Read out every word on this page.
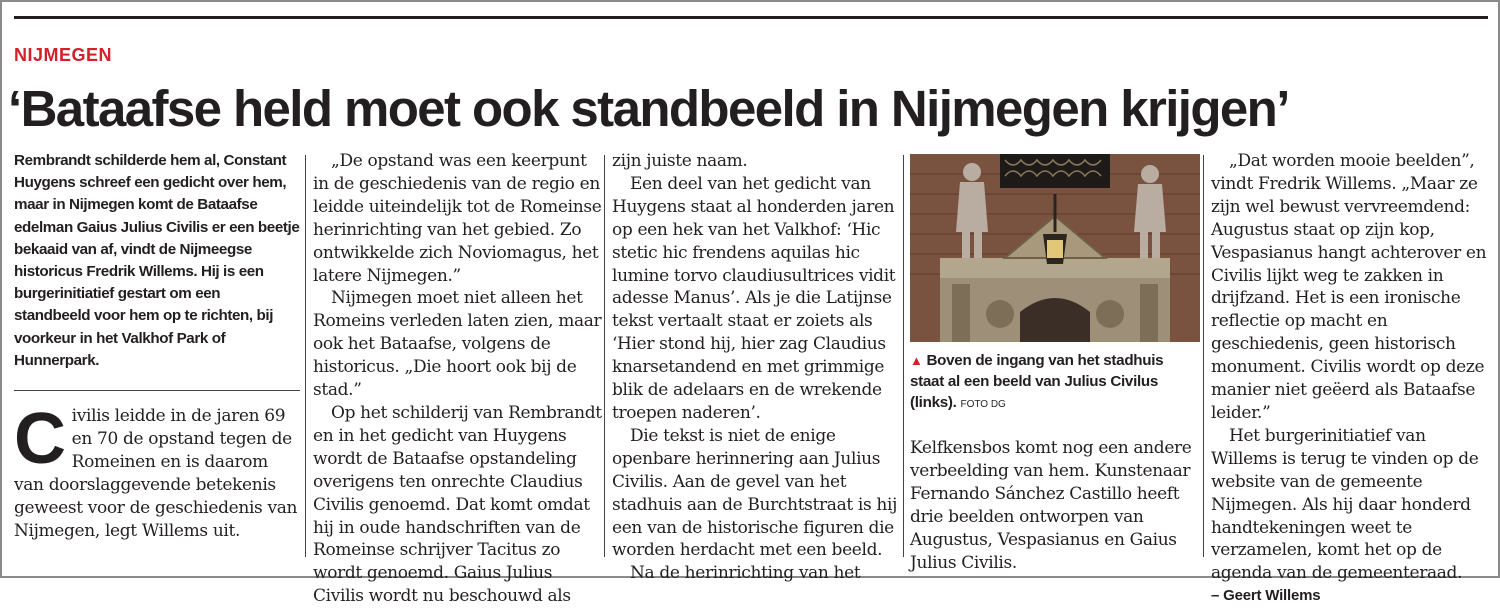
NIJMEGEN
‘Bataafse held moet ook standbeeld in Nijmegen krijgen’

Rembrandt schilderde hem al, Constant Huygens schreef een gedicht over hem, maar in Nijmegen komt de Bataafse edelman Gaius Julius Civilis er een beetje bekaaid van af, vindt de Nijmeegse historicus Fredrik Willems. Hij is een burgerinitiatief gestart om een standbeeld voor hem op te richten, bij voorkeur in het Valkhof Park of Hunnerpark.

C ivilis leidde in de jaren 69 en 70 de opstand tegen de Romeinen en is daarom van doorslaggevende betekenis geweest voor de geschiedenis van Nijmegen, legt Willems uit.

„De opstand was een keerpunt in de geschiedenis van de regio en leidde uiteindelijk tot de Romeinse herinrichting van het gebied. Zo ontwikkelde zich Noviomagus, het latere Nijmegen.”

Nijmegen moet niet alleen het Romeins verleden laten zien, maar ook het Bataafse, volgens de historicus. „Die hoort ook bij de stad.”

Op het schilderij van Rembrandt en in het gedicht van Huygens wordt de Bataafse opstandeling overigens ten onrechte Claudius Civilis genoemd. Dat komt omdat hij in oude handschriften van de Romeinse schrijver Tacitus zo wordt genoemd. Gaius Julius Civilis wordt nu beschouwd als

zijn juiste naam.

Een deel van het gedicht van Huygens staat al honderden jaren op een hek van het Valkhof: ‘Hic stetic hic frendens aquilas hic lumine torvo claudiusultrices vidit adesse Manus’. Als je die Latijnse tekst vertaalt staat er zoiets als ‘Hier stond hij, hier zag Claudius knarsetandend en met grimmige blik de adelaars en de wrekende troepen naderen’.

Die tekst is niet de enige openbare herinnering aan Julius Civilis. Aan de gevel van het stadhuis aan de Burchtstraat is hij een van de historische figuren die worden herdacht met een beeld.

Na de herinrichting van het

▲ Boven de ingang van het stadhuis staat al een beeld van Julius Civilus (links). FOTO DG

Kelfkensbos komt nog een andere verbeelding van hem. Kunstenaar Fernando Sánchez Castillo heeft drie beelden ontworpen van Augustus, Vespasianus en Gaius Julius Civilis.

„Dat worden mooie beelden”, vindt Fredrik Willems. „Maar ze zijn wel bewust vervreemdend: Augustus staat op zijn kop, Vespasianus hangt achterover en Civilis lijkt weg te zakken in drijfzand. Het is een ironische reflectie op macht en geschiedenis, geen historisch monument. Civilis wordt op deze manier niet geëerd als Bataafse leider.”

Het burgerinitiatief van Willems is terug te vinden op de website van de gemeente Nijmegen. Als hij daar honderd handtekeningen weet te verzamelen, komt het op de agenda van de gemeenteraad.

– Geert Willems
